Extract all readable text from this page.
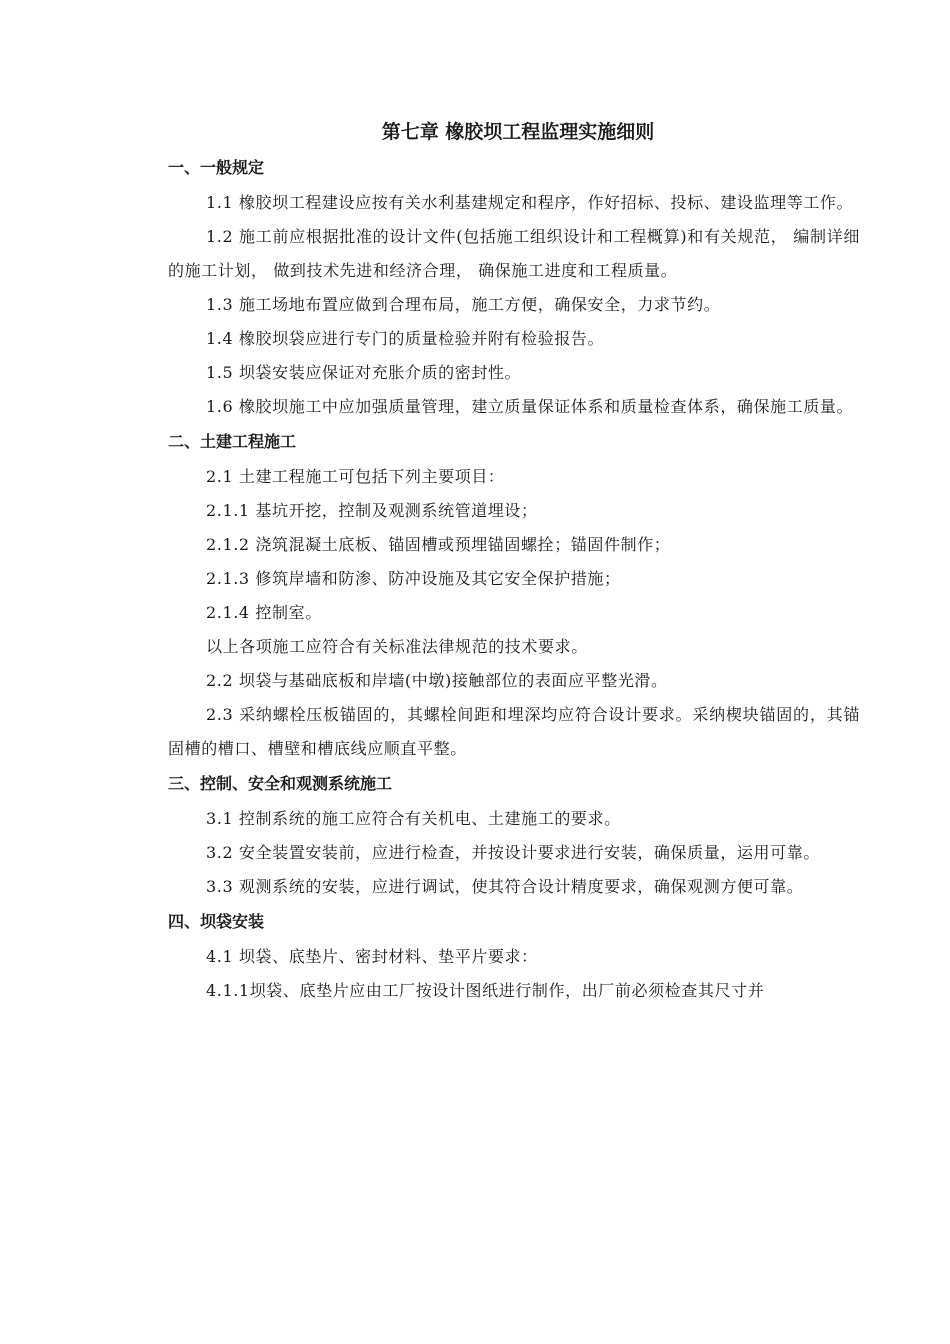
第七章 橡胶坝工程监理实施细则
一、一般规定

1.1 橡胶坝工程建设应按有关水利基建规定和程序，作好招标、投标、建设监理等工作。

1.2 施工前应根据批准的设计文件(包括施工组织设计和工程概算)和有关规范， 编制详细的施工计划， 做到技术先进和经济合理， 确保施工进度和工程质量。

1.3 施工场地布置应做到合理布局，施工方便，确保安全，力求节约。

1.4 橡胶坝袋应进行专门的质量检验并附有检验报告。

1.5 坝袋安装应保证对充胀介质的密封性。

1.6 橡胶坝施工中应加强质量管理，建立质量保证体系和质量检查体系，确保施工质量。

二、土建工程施工

2.1 土建工程施工可包括下列主要项目：

2.1.1 基坑开挖，控制及观测系统管道埋设；

2.1.2 浇筑混凝土底板、锚固槽或预埋锚固螺拴；锚固件制作；

2.1.3 修筑岸墙和防渗、防冲设施及其它安全保护措施；

2.1.4 控制室。

以上各项施工应符合有关标准法律规范的技术要求。

2.2 坝袋与基础底板和岸墙(中墩)接触部位的表面应平整光滑。

2.3 采纳螺栓压板锚固的，其螺栓间距和埋深均应符合设计要求。采纳楔块锚固的，其锚固槽的槽口、槽壁和槽底线应顺直平整。

三、控制、安全和观测系统施工

3.1 控制系统的施工应符合有关机电、土建施工的要求。

3.2 安全装置安装前，应进行检查，并按设计要求进行安装，确保质量，运用可靠。

3.3 观测系统的安装，应进行调试，使其符合设计精度要求，确保观测方便可靠。

四、坝袋安装

4.1 坝袋、底垫片、密封材料、垫平片要求：

4.1.1坝袋、底垫片应由工厂按设计图纸进行制作，出厂前必须检查其尺寸并
